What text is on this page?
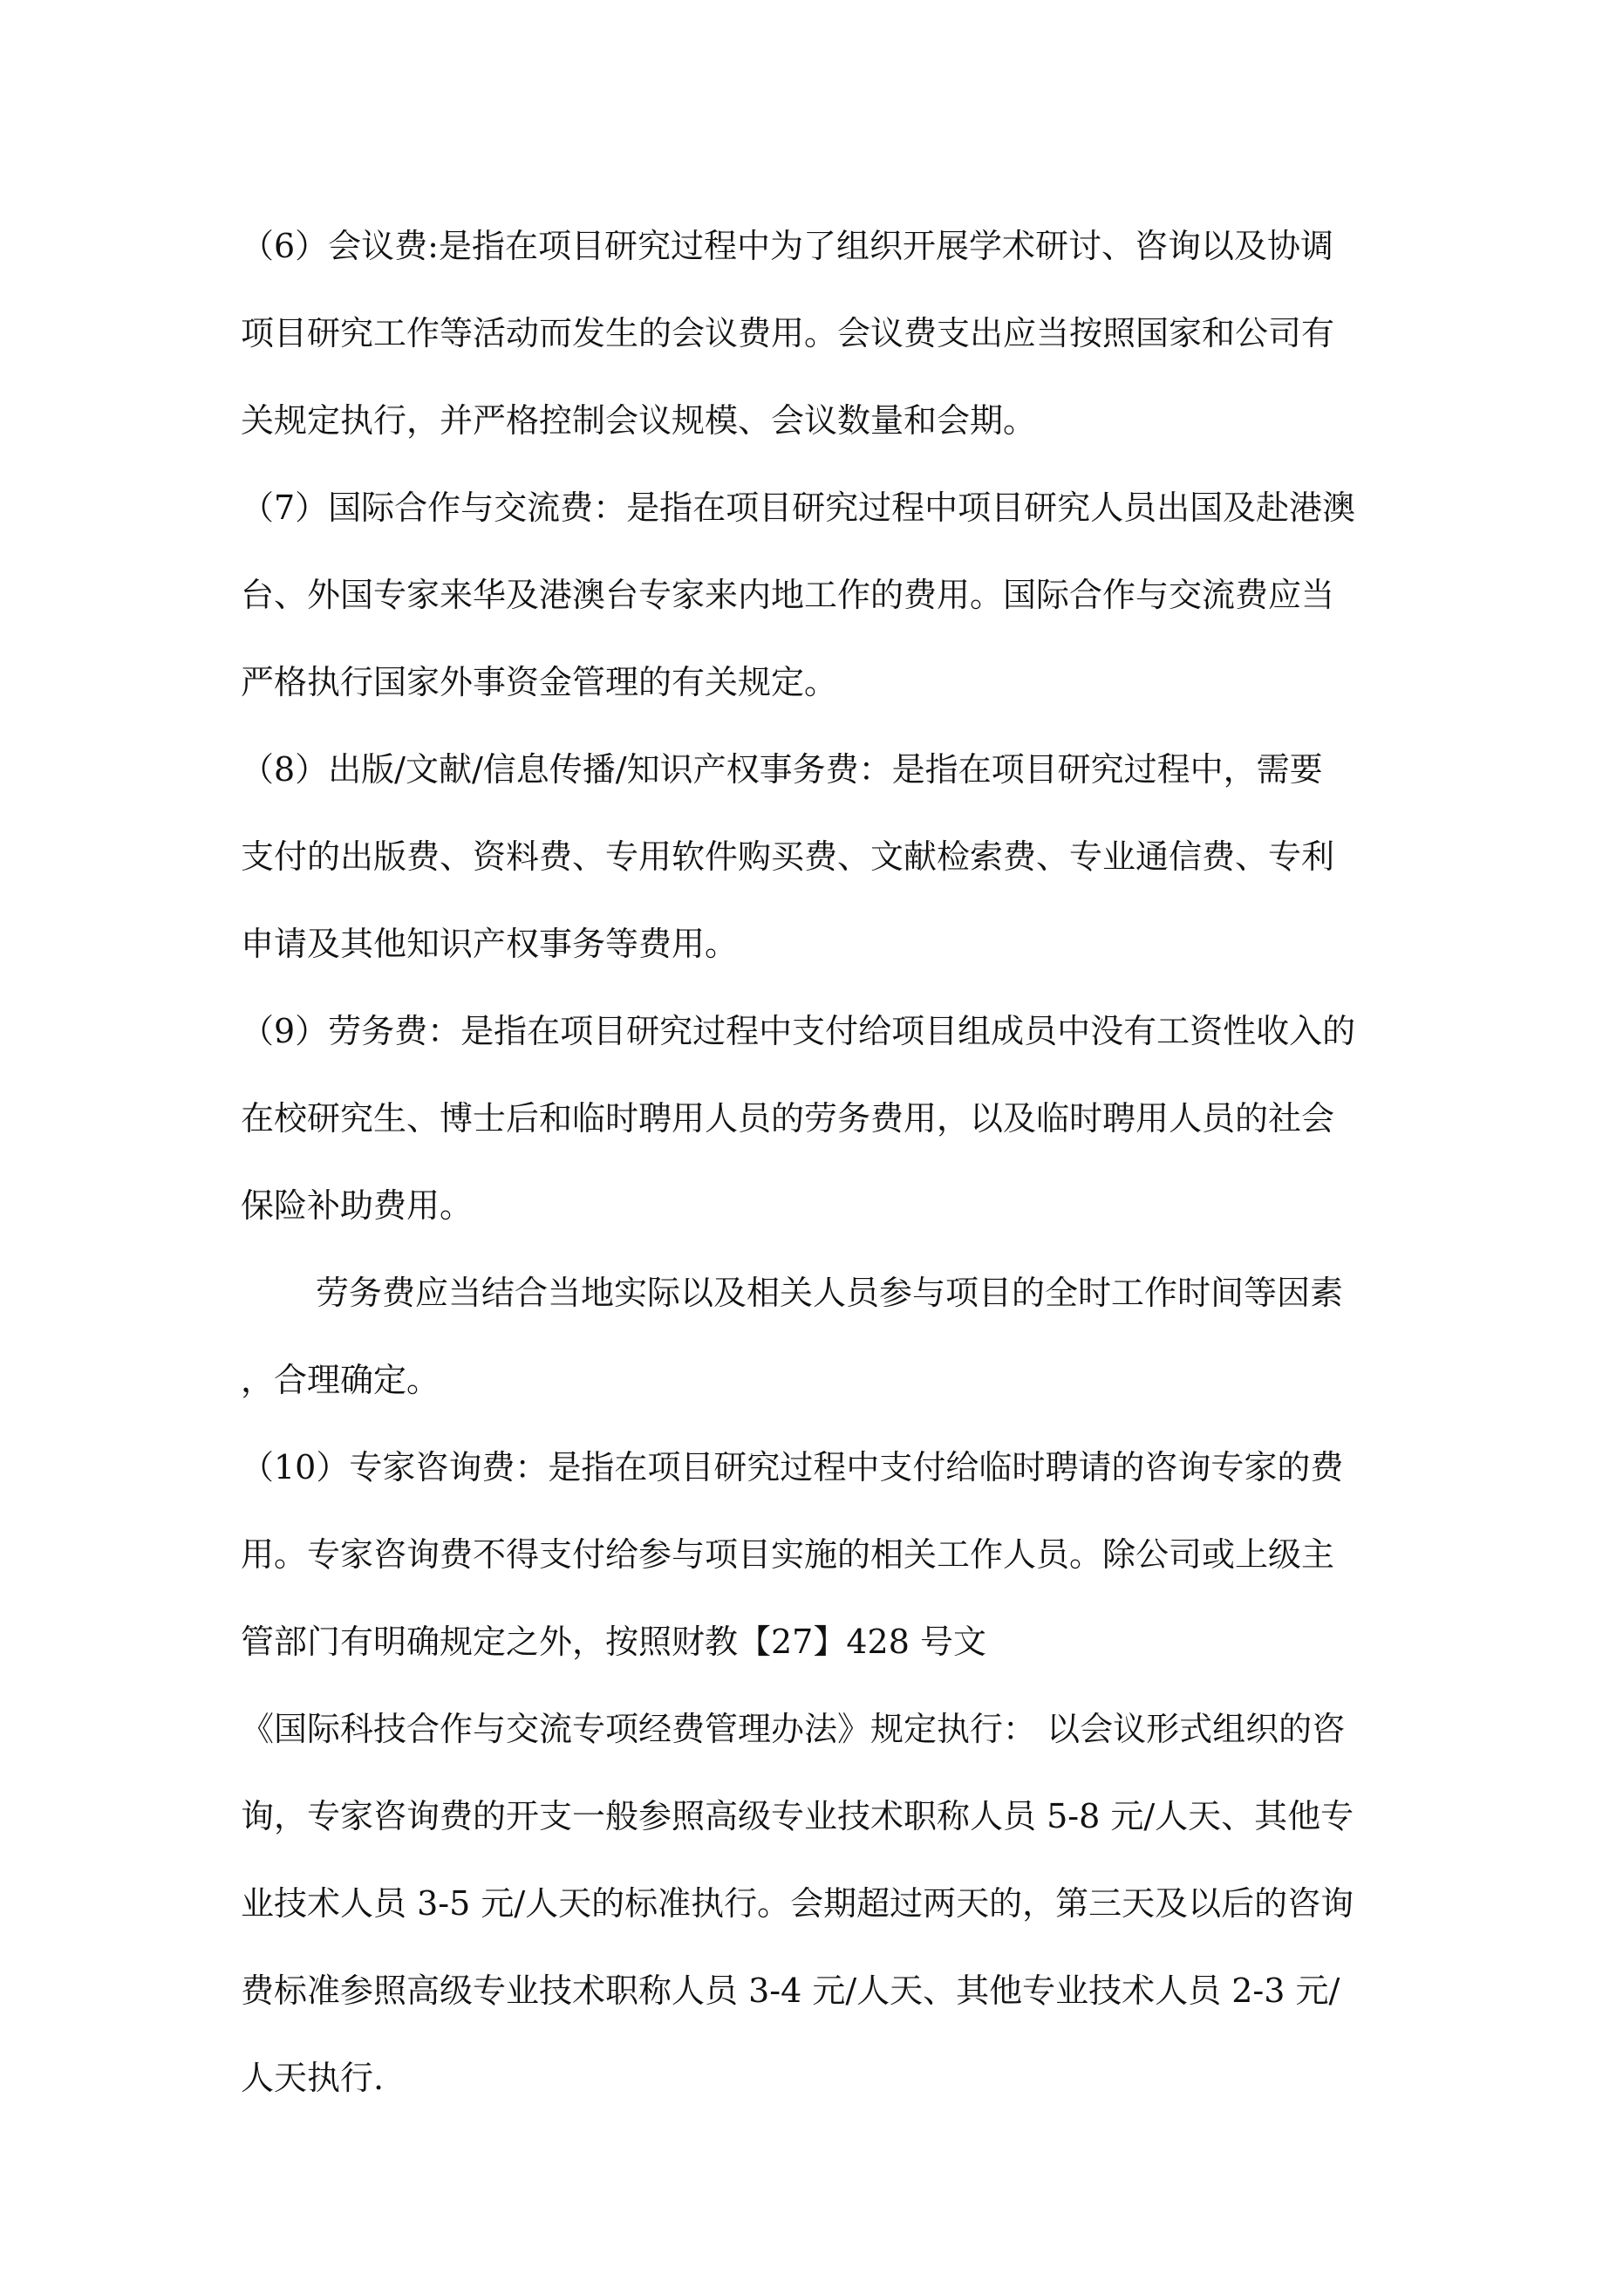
（6）会议费:是指在项目研究过程中为了组织开展学术研讨、咨询以及协调
项目研究工作等活动而发生的会议费用。会议费支出应当按照国家和公司有
关规定执行，并严格控制会议规模、会议数量和会期。
（7）国际合作与交流费：是指在项目研究过程中项目研究人员出国及赴港澳
台、外国专家来华及港澳台专家来内地工作的费用。国际合作与交流费应当
严格执行国家外事资金管理的有关规定。
（8）出版/文献/信息传播/知识产权事务费：是指在项目研究过程中，需要
支付的出版费、资料费、专用软件购买费、文献检索费、专业通信费、专利
申请及其他知识产权事务等费用。
（9）劳务费：是指在项目研究过程中支付给项目组成员中没有工资性收入的
在校研究生、博士后和临时聘用人员的劳务费用，以及临时聘用人员的社会
保险补助费用。
劳务费应当结合当地实际以及相关人员参与项目的全时工作时间等因素
，合理确定。
（10）专家咨询费：是指在项目研究过程中支付给临时聘请的咨询专家的费
用。专家咨询费不得支付给参与项目实施的相关工作人员。除公司或上级主
管部门有明确规定之外，按照财教【27】428 号文
《国际科技合作与交流专项经费管理办法》规定执行： 以会议形式组织的咨
询，专家咨询费的开支一般参照高级专业技术职称人员 5-8 元/人天、其他专
业技术人员 3-5 元/人天的标准执行。会期超过两天的，第三天及以后的咨询
费标准参照高级专业技术职称人员 3-4 元/人天、其他专业技术人员 2-3 元/
人天执行.
